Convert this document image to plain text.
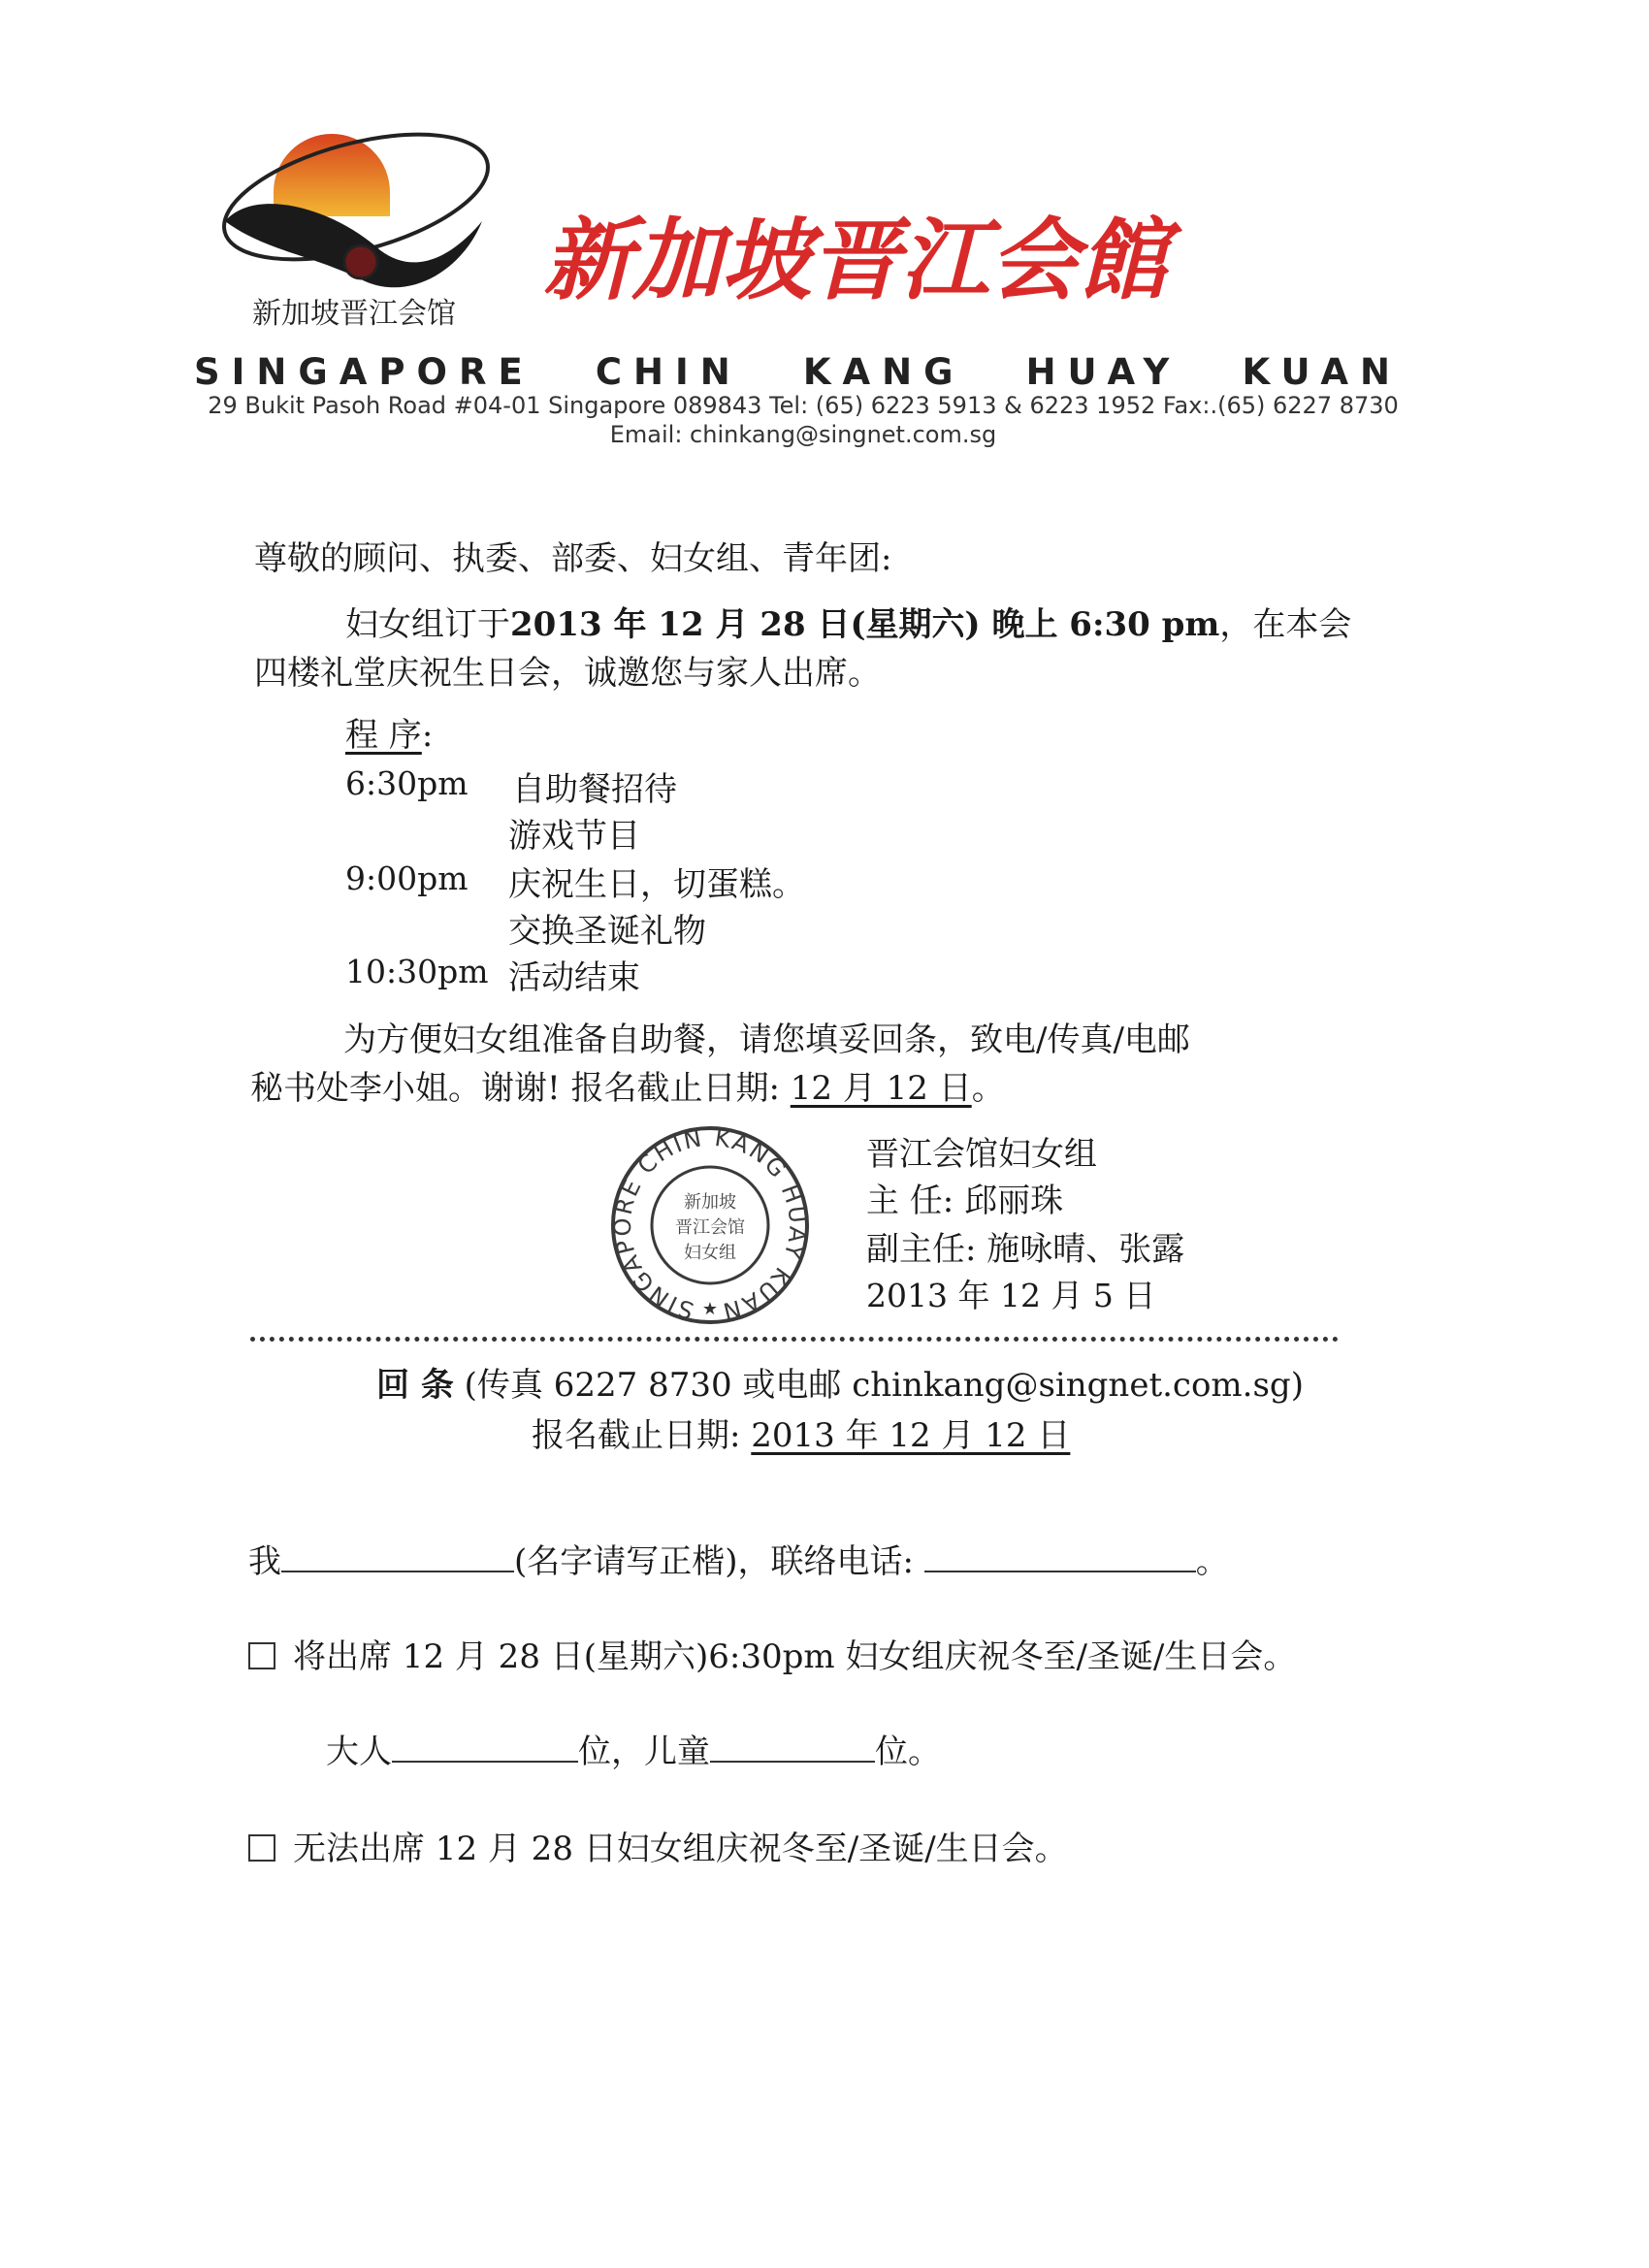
新加坡晋江会馆
新加坡晋江会館
SINGAPORE CHIN KANG HUAY KUAN
29 Bukit Pasoh Road #04-01 Singapore 089843 Tel: (65) 6223 5913 & 6223 1952 Fax:.(65) 6227 8730
Email: chinkang@singnet.com.sg
尊敬的顾问、执委、部委、妇女组、青年团:
妇女组订于2013 年 12 月 28 日(星期六) 晚上 6:30 pm，在本会
四楼礼堂庆祝生日会，诚邀您与家人出席。
程 序:
6:30pm 自助餐招待
游戏节目
9:00pm 庆祝生日，切蛋糕。
交换圣诞礼物
10:30pm 活动结束
为方便妇女组准备自助餐，请您填妥回条，致电/传真/电邮
秘书处李小姐。谢谢! 报名截止日期: 12 月 12 日。
SINGAPORE CHIN KANG HUAY KUAN
新加坡
晋江会馆
妇女组
★
晋江会馆妇女组
主 任: 邱丽珠
副主任: 施咏晴、张露
2013 年 12 月 5 日
回 条 (传真 6227 8730 或电邮 chinkang@singnet.com.sg)
报名截止日期: 2013 年 12 月 12 日
我	(名字请写正楷)，联络电话:	。
将出席 12 月 28 日(星期六)6:30pm 妇女组庆祝冬至/圣诞/生日会。
大人	位，儿童	位。
无法出席 12 月 28 日妇女组庆祝冬至/圣诞/生日会。
